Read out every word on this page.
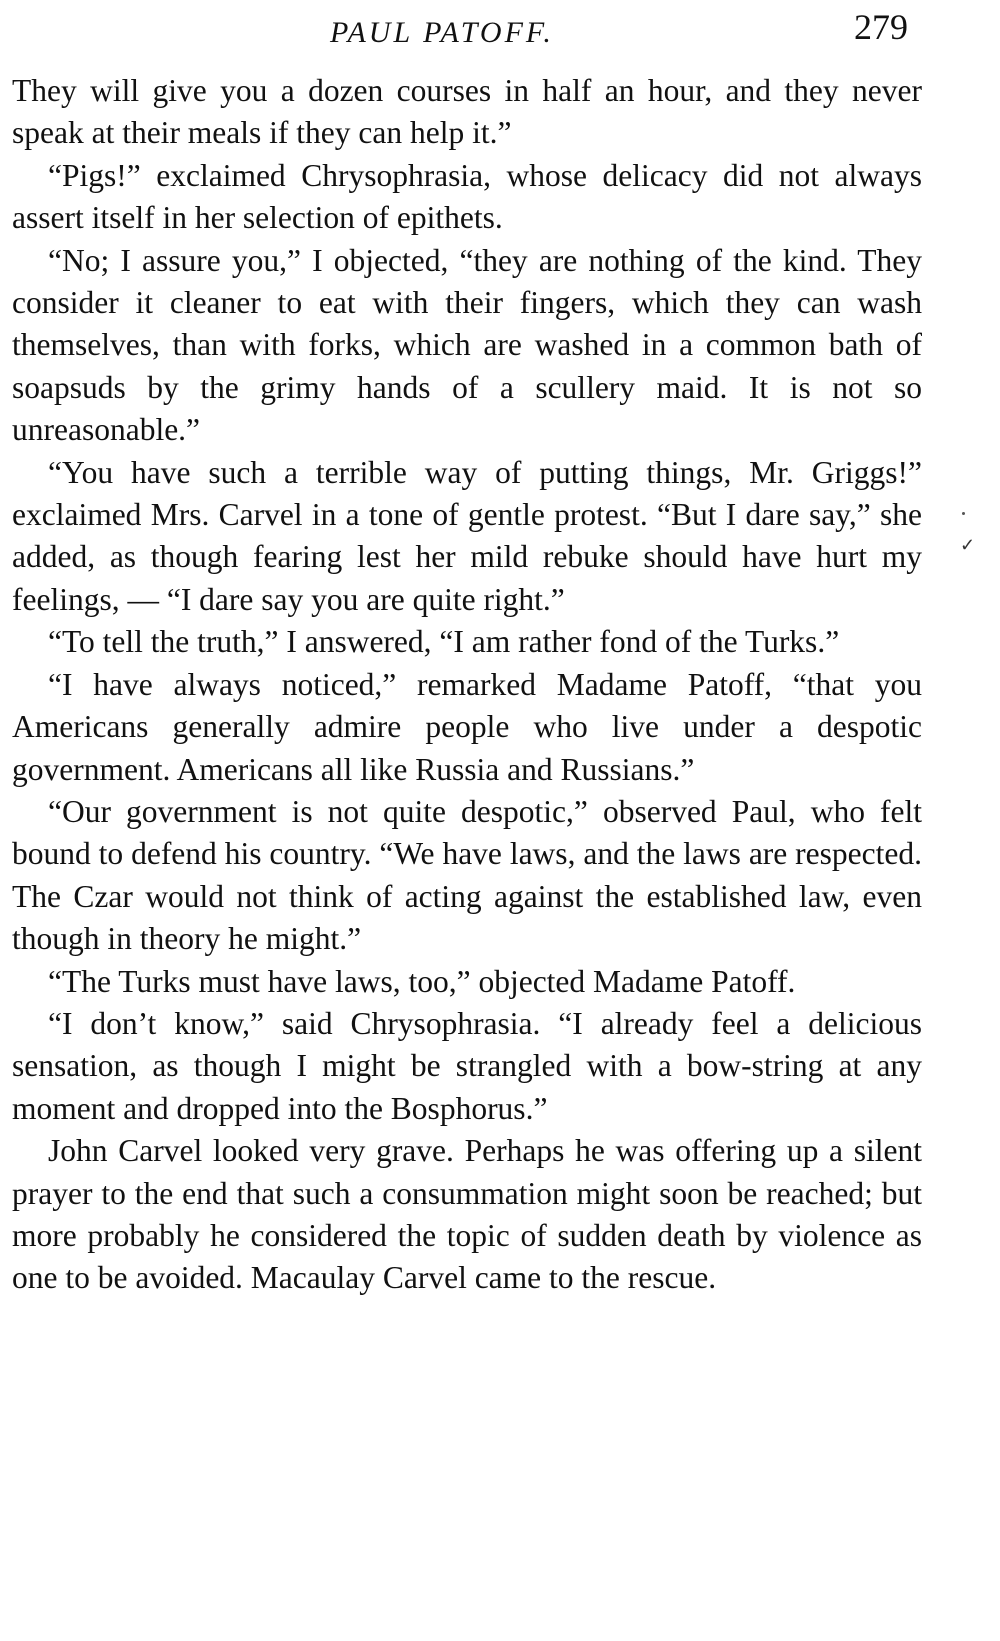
PAUL PATOFF.	279

They will give you a dozen courses in half an hour, and they never speak at their meals if they can help it.”

“Pigs!” exclaimed Chrysophrasia, whose delicacy did not always assert itself in her selection of epithets.

“No; I assure you,” I objected, “they are nothing of the kind. They consider it cleaner to eat with their fingers, which they can wash themselves, than with forks, which are washed in a common bath of soapsuds by the grimy hands of a scullery maid. It is not so unreasonable.”

“You have such a terrible way of putting things, Mr. Griggs!” exclaimed Mrs. Carvel in a tone of gentle protest. “But I dare say,” she added, as though fearing lest her mild rebuke should have hurt my feelings, — “I dare say you are quite right.”

“To tell the truth,” I answered, “I am rather fond of the Turks.”

“I have always noticed,” remarked Madame Patoff, “that you Americans generally admire people who live under a despotic government. Americans all like Russia and Russians.”

“Our government is not quite despotic,” observed Paul, who felt bound to defend his country. “We have laws, and the laws are respected. The Czar would not think of acting against the established law, even though in theory he might.”

“The Turks must have laws, too,” objected Madame Patoff.

“I don’t know,” said Chrysophrasia. “I already feel a delicious sensation, as though I might be strangled with a bow-string at any moment and dropped into the Bosphorus.”

John Carvel looked very grave. Perhaps he was offering up a silent prayer to the end that such a consummation might soon be reached; but more probably he considered the topic of sudden death by violence as one to be avoided. Macaulay Carvel came to the rescue.

✓
